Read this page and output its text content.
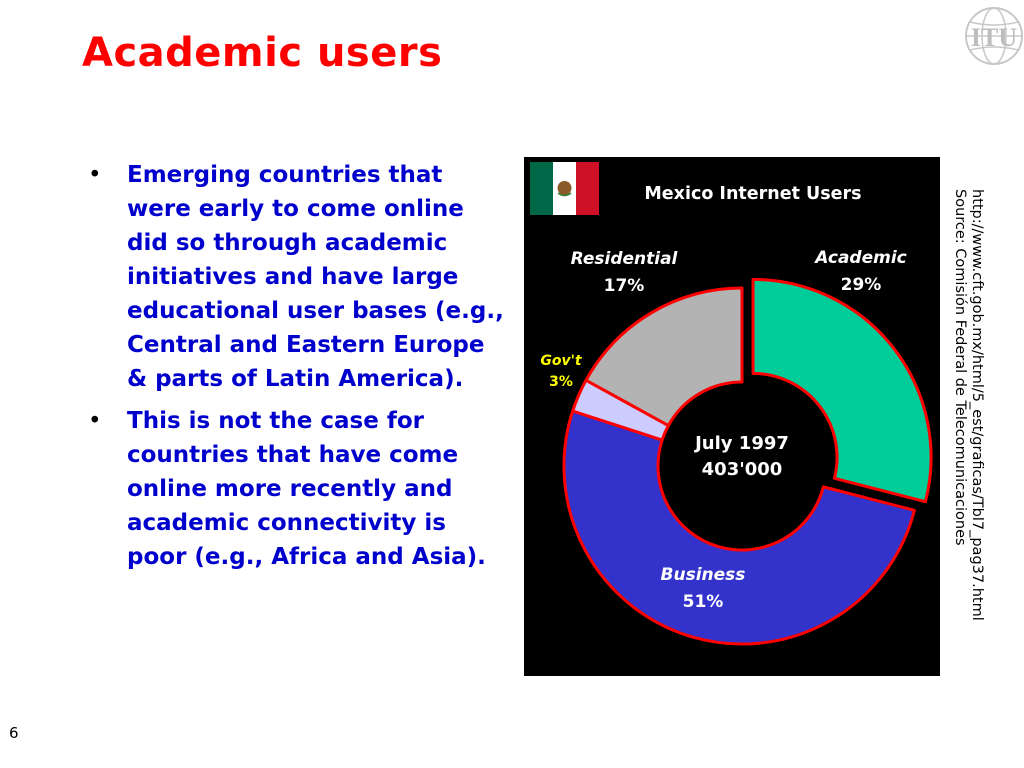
Academic users	ITU
• Emerging countries that were early to come online did so through academic initiatives and have large educational user bases (e.g., Central and Eastern Europe & parts of Latin America).
• This is not the case for countries that have come online more recently and academic connectivity is poor (e.g., Africa and Asia).
Mexico Internet Users
Academic
29%
Business
51%
Gov't
3%
Residential
17%
July 1997
403'000	http://www.cft.gob.mx/html/5_est/graficas/Tbl7_pag37.html
Source: Comisión Federal de Telecomunicaciones
6
